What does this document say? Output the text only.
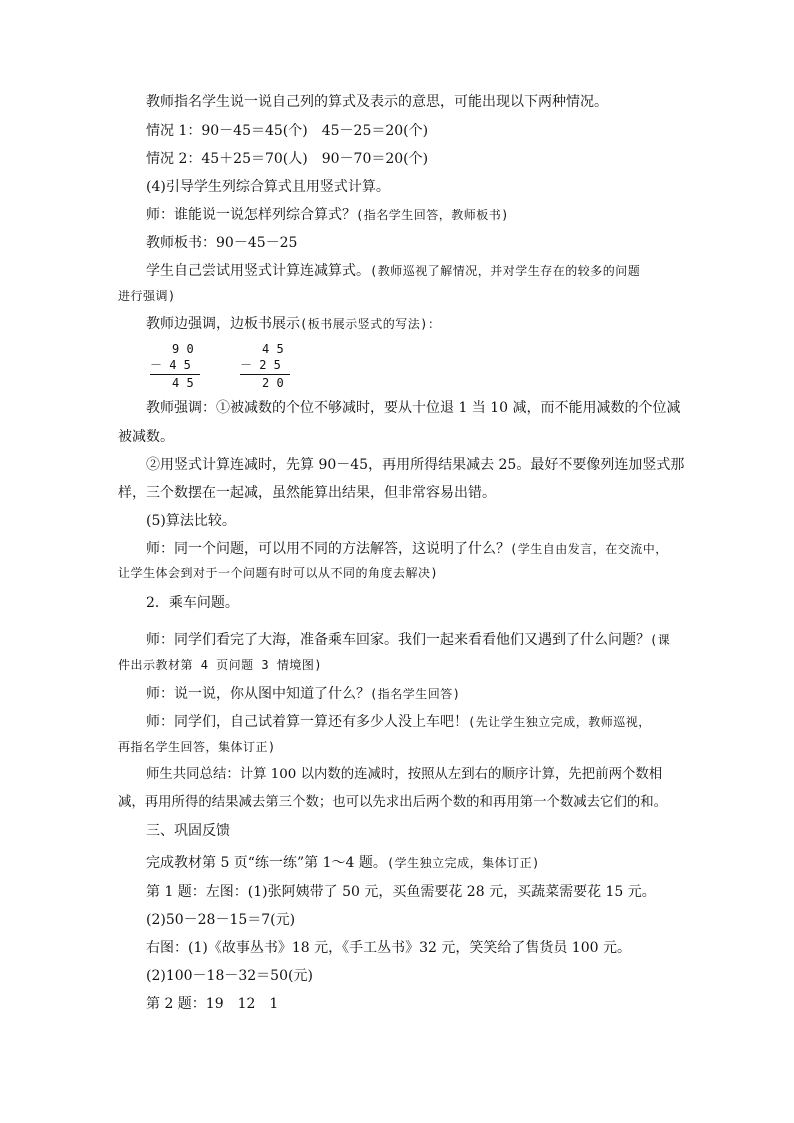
教师指名学生说一说自己列的算式及表示的意思，可能出现以下两种情况。
情况 1：90－45＝45(个)　45－25＝20(个)
情况 2：45＋25＝70(人)　90－70＝20(个)
(4)引导学生列综合算式且用竖式计算。
师：谁能说一说怎样列综合算式？(指名学生回答，教师板书)
教师板书：90－45－25
学生自己尝试用竖式计算连减算式。(教师巡视了解情况，并对学生存在的较多的问题
进行强调)
教师边强调，边板书展示(板书展示竖式的写法)：
9 0
－ 4 5
4 5
4 5
－ 2 5
2 0
教师强调：①被减数的个位不够减时，要从十位退 1 当 10 减，而不能用减数的个位减
被减数。
②用竖式计算连减时，先算 90－45，再用所得结果减去 25。最好不要像列连加竖式那
样，三个数摆在一起减，虽然能算出结果，但非常容易出错。
(5)算法比较。
师：同一个问题，可以用不同的方法解答，这说明了什么？(学生自由发言，在交流中，
让学生体会到对于一个问题有时可以从不同的角度去解决)
2．乘车问题。
师：同学们看完了大海，准备乘车回家。我们一起来看看他们又遇到了什么问题？(课
件出示教材第 4 页问题 3 情境图)
师：说一说，你从图中知道了什么？(指名学生回答)
师：同学们，自己试着算一算还有多少人没上车吧！(先让学生独立完成，教师巡视，
再指名学生回答，集体订正)
师生共同总结：计算 100 以内数的连减时，按照从左到右的顺序计算，先把前两个数相
减，再用所得的结果减去第三个数；也可以先求出后两个数的和再用第一个数减去它们的和。
三、巩固反馈
完成教材第 5 页“练一练”第 1～4 题。(学生独立完成，集体订正)
第 1 题：左图：(1)张阿姨带了 50 元，买鱼需要花 28 元，买蔬菜需要花 15 元。
(2)50－28－15＝7(元)
右图：(1)《故事丛书》18 元，《手工丛书》32 元，笑笑给了售货员 100 元。
(2)100－18－32＝50(元)
第 2 题：19　12　1
